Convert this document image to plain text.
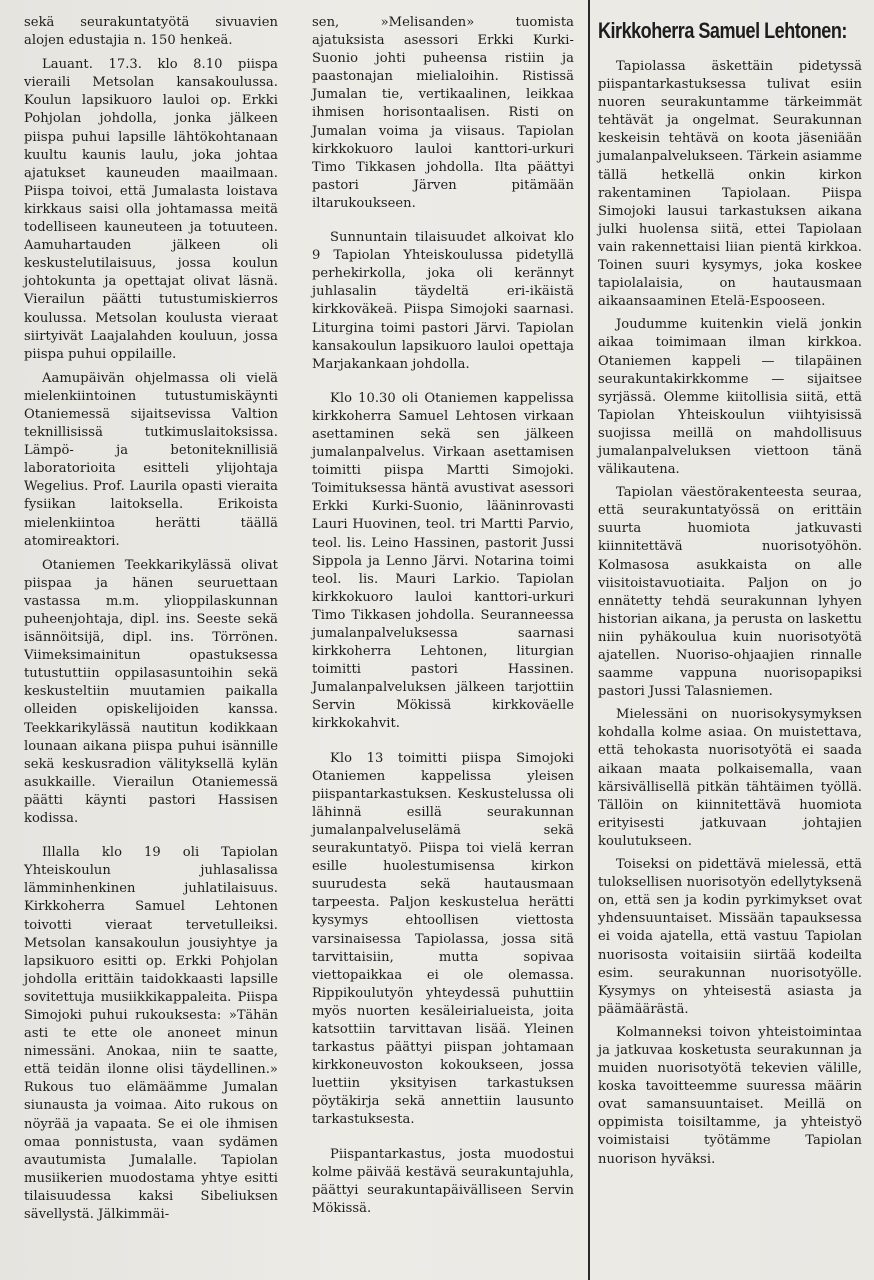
sekä seurakuntatyötä sivuavien alojen edustajia n. 150 henkeä.

Lauant. 17.3. klo 8.10 piispa vieraili Metsolan kansakoulussa. Koulun lapsikuoro lauloi op. Erkki Pohjolan johdolla, jonka jälkeen piispa puhui lapsille lähtökohtanaan kuultu kaunis laulu, joka johtaa ajatukset kauneuden maailmaan. Piispa toivoi, että Jumalasta loistava kirkkaus saisi olla johtamassa meitä todelliseen kauneuteen ja totuuteen. Aamuhartauden jälkeen oli keskustelutilaisuus, jossa koulun johtokunta ja opettajat olivat läsnä. Vierailun päätti tutustumiskierros koulussa. Metsolan koulusta vieraat siirtyivät Laajalahden kouluun, jossa piispa puhui oppilaille.

Aamupäivän ohjelmassa oli vielä mielenkiintoinen tutustumiskäynti Otaniemessä sijaitsevissa Valtion teknillisissä tutkimuslaitoksissa. Lämpö- ja betoniteknillisiä laboratorioita esitteli ylijohtaja Wegelius. Prof. Laurila opasti vieraita fysiikan laitoksella. Erikoista mielenkiintoa herätti täällä atomireaktori.

Otaniemen Teekkarikylässä olivat piispaa ja hänen seuruettaan vastassa m.m. ylioppilaskunnan puheenjohtaja, dipl. ins. Seeste sekä isännöitsijä, dipl. ins. Törrönen. Viimeksimainitun opastuksessa tutustuttiin oppilasasuntoihin sekä keskusteltiin muutamien paikalla olleiden opiskelijoiden kanssa. Teekkarikylässä nautitun kodikkaan lounaan aikana piispa puhui isännille sekä keskusradion välityksellä kylän asukkaille. Vierailun Otaniemessä päätti käynti pastori Hassisen kodissa.

Illalla klo 19 oli Tapiolan Yhteiskoulun juhlasalissa lämminhenkinen juhlatilaisuus. Kirkkoherra Samuel Lehtonen toivotti vieraat tervetulleiksi. Metsolan kansakoulun jousiyhtye ja lapsikuoro esitti op. Erkki Pohjolan johdolla erittäin taidokkaasti lapsille sovitettuja musiikkikappaleita. Piispa Simojoki puhui rukouksesta: »Tähän asti te ette ole anoneet minun nimessäni. Anokaa, niin te saatte, että teidän ilonne olisi täydellinen.» Rukous tuo elämäämme Jumalan siunausta ja voimaa. Aito rukous on nöyrää ja vapaata. Se ei ole ihmisen omaa ponnistusta, vaan sydämen avautumista Jumalalle. Tapiolan musiikerien muodostama yhtye esitti tilaisuudessa kaksi Sibeliuksen sävellystä. Jälkimmäi-

sen, »Melisanden» tuomista ajatuksista asessori Erkki Kurki-Suonio johti puheensa ristiin ja paastonajan mielialoihin. Ristissä Jumalan tie, vertikaalinen, leikkaa ihmisen horisontaalisen. Risti on Jumalan voima ja viisaus. Tapiolan kirkkokuoro lauloi kanttori-urkuri Timo Tikkasen johdolla. Ilta päättyi pastori Järven pitämään iltarukoukseen.

Sunnuntain tilaisuudet alkoivat klo 9 Tapiolan Yhteiskoulussa pidetyllä perhekirkolla, joka oli kerännyt juhlasalin täydeltä eri-ikäistä kirkkoväkeä. Piispa Simojoki saarnasi. Liturgina toimi pastori Järvi. Tapiolan kansakoulun lapsikuoro lauloi opettaja Marjakankaan johdolla.

Klo 10.30 oli Otaniemen kappelissa kirkkoherra Samuel Lehtosen virkaan asettaminen sekä sen jälkeen jumalanpalvelus. Virkaan asettamisen toimitti piispa Martti Simojoki. Toimituksessa häntä avustivat asessori Erkki Kurki-Suonio, lääninrovasti Lauri Huovinen, teol. tri Martti Parvio, teol. lis. Leino Hassinen, pastorit Jussi Sippola ja Lenno Järvi. Notarina toimi teol. lis. Mauri Larkio. Tapiolan kirkkokuoro lauloi kanttori-urkuri Timo Tikkasen johdolla. Seuranneessa jumalanpalveluksessa saarnasi kirkkoherra Lehtonen, liturgian toimitti pastori Hassinen. Jumalanpalveluksen jälkeen tarjottiin Servin Mökissä kirkkoväelle kirkkokahvit.

Klo 13 toimitti piispa Simojoki Otaniemen kappelissa yleisen piispantarkastuksen. Keskustelussa oli lähinnä esillä seurakunnan jumalanpalveluselämä sekä seurakuntatyö. Piispa toi vielä kerran esille huolestumisensa kirkon suurudesta sekä hautausmaan tarpeesta. Paljon keskustelua herätti kysymys ehtoollisen viettosta varsinaisessa Tapiolassa, jossa sitä tarvittaisiin, mutta sopivaa viettopaikkaa ei ole olemassa. Rippikoulutyön yhteydessä puhuttiin myös nuorten kesäleirialueista, joita katsottiin tarvittavan lisää. Yleinen tarkastus päättyi piispan johtamaan kirkkoneuvoston kokoukseen, jossa luettiin yksityisen tarkastuksen pöytäkirja sekä annettiin lausunto tarkastuksesta.

Piispantarkastus, josta muodostui kolme päivää kestävä seurakuntajuhla, päättyi seurakuntapäivälliseen Servin Mökissä.

Kirkkoherra Samuel Lehtonen:

Tapiolassa äskettäin pidetyssä piispantarkastuksessa tulivat esiin nuoren seurakuntamme tärkeimmät tehtävät ja ongelmat. Seurakunnan keskeisin tehtävä on koota jäseniään jumalanpalvelukseen. Tärkein asiamme tällä hetkellä onkin kirkon rakentaminen Tapiolaan. Piispa Simojoki lausui tarkastuksen aikana julki huolensa siitä, ettei Tapiolaan vain rakennettaisi liian pientä kirkkoa. Toinen suuri kysymys, joka koskee tapiolalaisia, on hautausmaan aikaansaaminen Etelä-Espooseen.

Joudumme kuitenkin vielä jonkin aikaa toimimaan ilman kirkkoa. Otaniemen kappeli — tilapäinen seurakuntakirkkomme — sijaitsee syrjässä. Olemme kiitollisia siitä, että Tapiolan Yhteiskoulun viihtyisissä suojissa meillä on mahdollisuus jumalanpalveluksen viettoon tänä välikautena.

Tapiolan väestörakenteesta seuraa, että seurakuntatyössä on erittäin suurta huomiota jatkuvasti kiinnitettävä nuorisotyöhön. Kolmasosa asukkaista on alle viisitoistavuotiaita. Paljon on jo ennätetty tehdä seurakunnan lyhyen historian aikana, ja perusta on laskettu niin pyhäkoulua kuin nuorisotyötä ajatellen. Nuoriso-ohjaajien rinnalle saamme vappuna nuorisopapiksi pastori Jussi Talasniemen.

Mielessäni on nuorisokysymyksen kohdalla kolme asiaa. On muistettava, että tehokasta nuorisotyötä ei saada aikaan maata polkaisemalla, vaan kärsivällisellä pitkän tähtäimen työllä. Tällöin on kiinnitettävä huomiota erityisesti jatkuvaan johtajien koulutukseen.

Toiseksi on pidettävä mielessä, että tuloksellisen nuorisotyön edellytyksenä on, että sen ja kodin pyrkimykset ovat yhdensuuntaiset. Missään tapauksessa ei voida ajatella, että vastuu Tapiolan nuorisosta voitaisiin siirtää kodeilta esim. seurakunnan nuorisotyölle. Kysymys on yhteisestä asiasta ja päämäärästä.

Kolmanneksi toivon yhteistoimintaa ja jatkuvaa kosketusta seurakunnan ja muiden nuorisotyötä tekevien välille, koska tavoitteemme suuressa määrin ovat samansuuntaiset. Meillä on oppimista toisiltamme, ja yhteistyö voimistaisi työtämme Tapiolan nuorison hyväksi.
